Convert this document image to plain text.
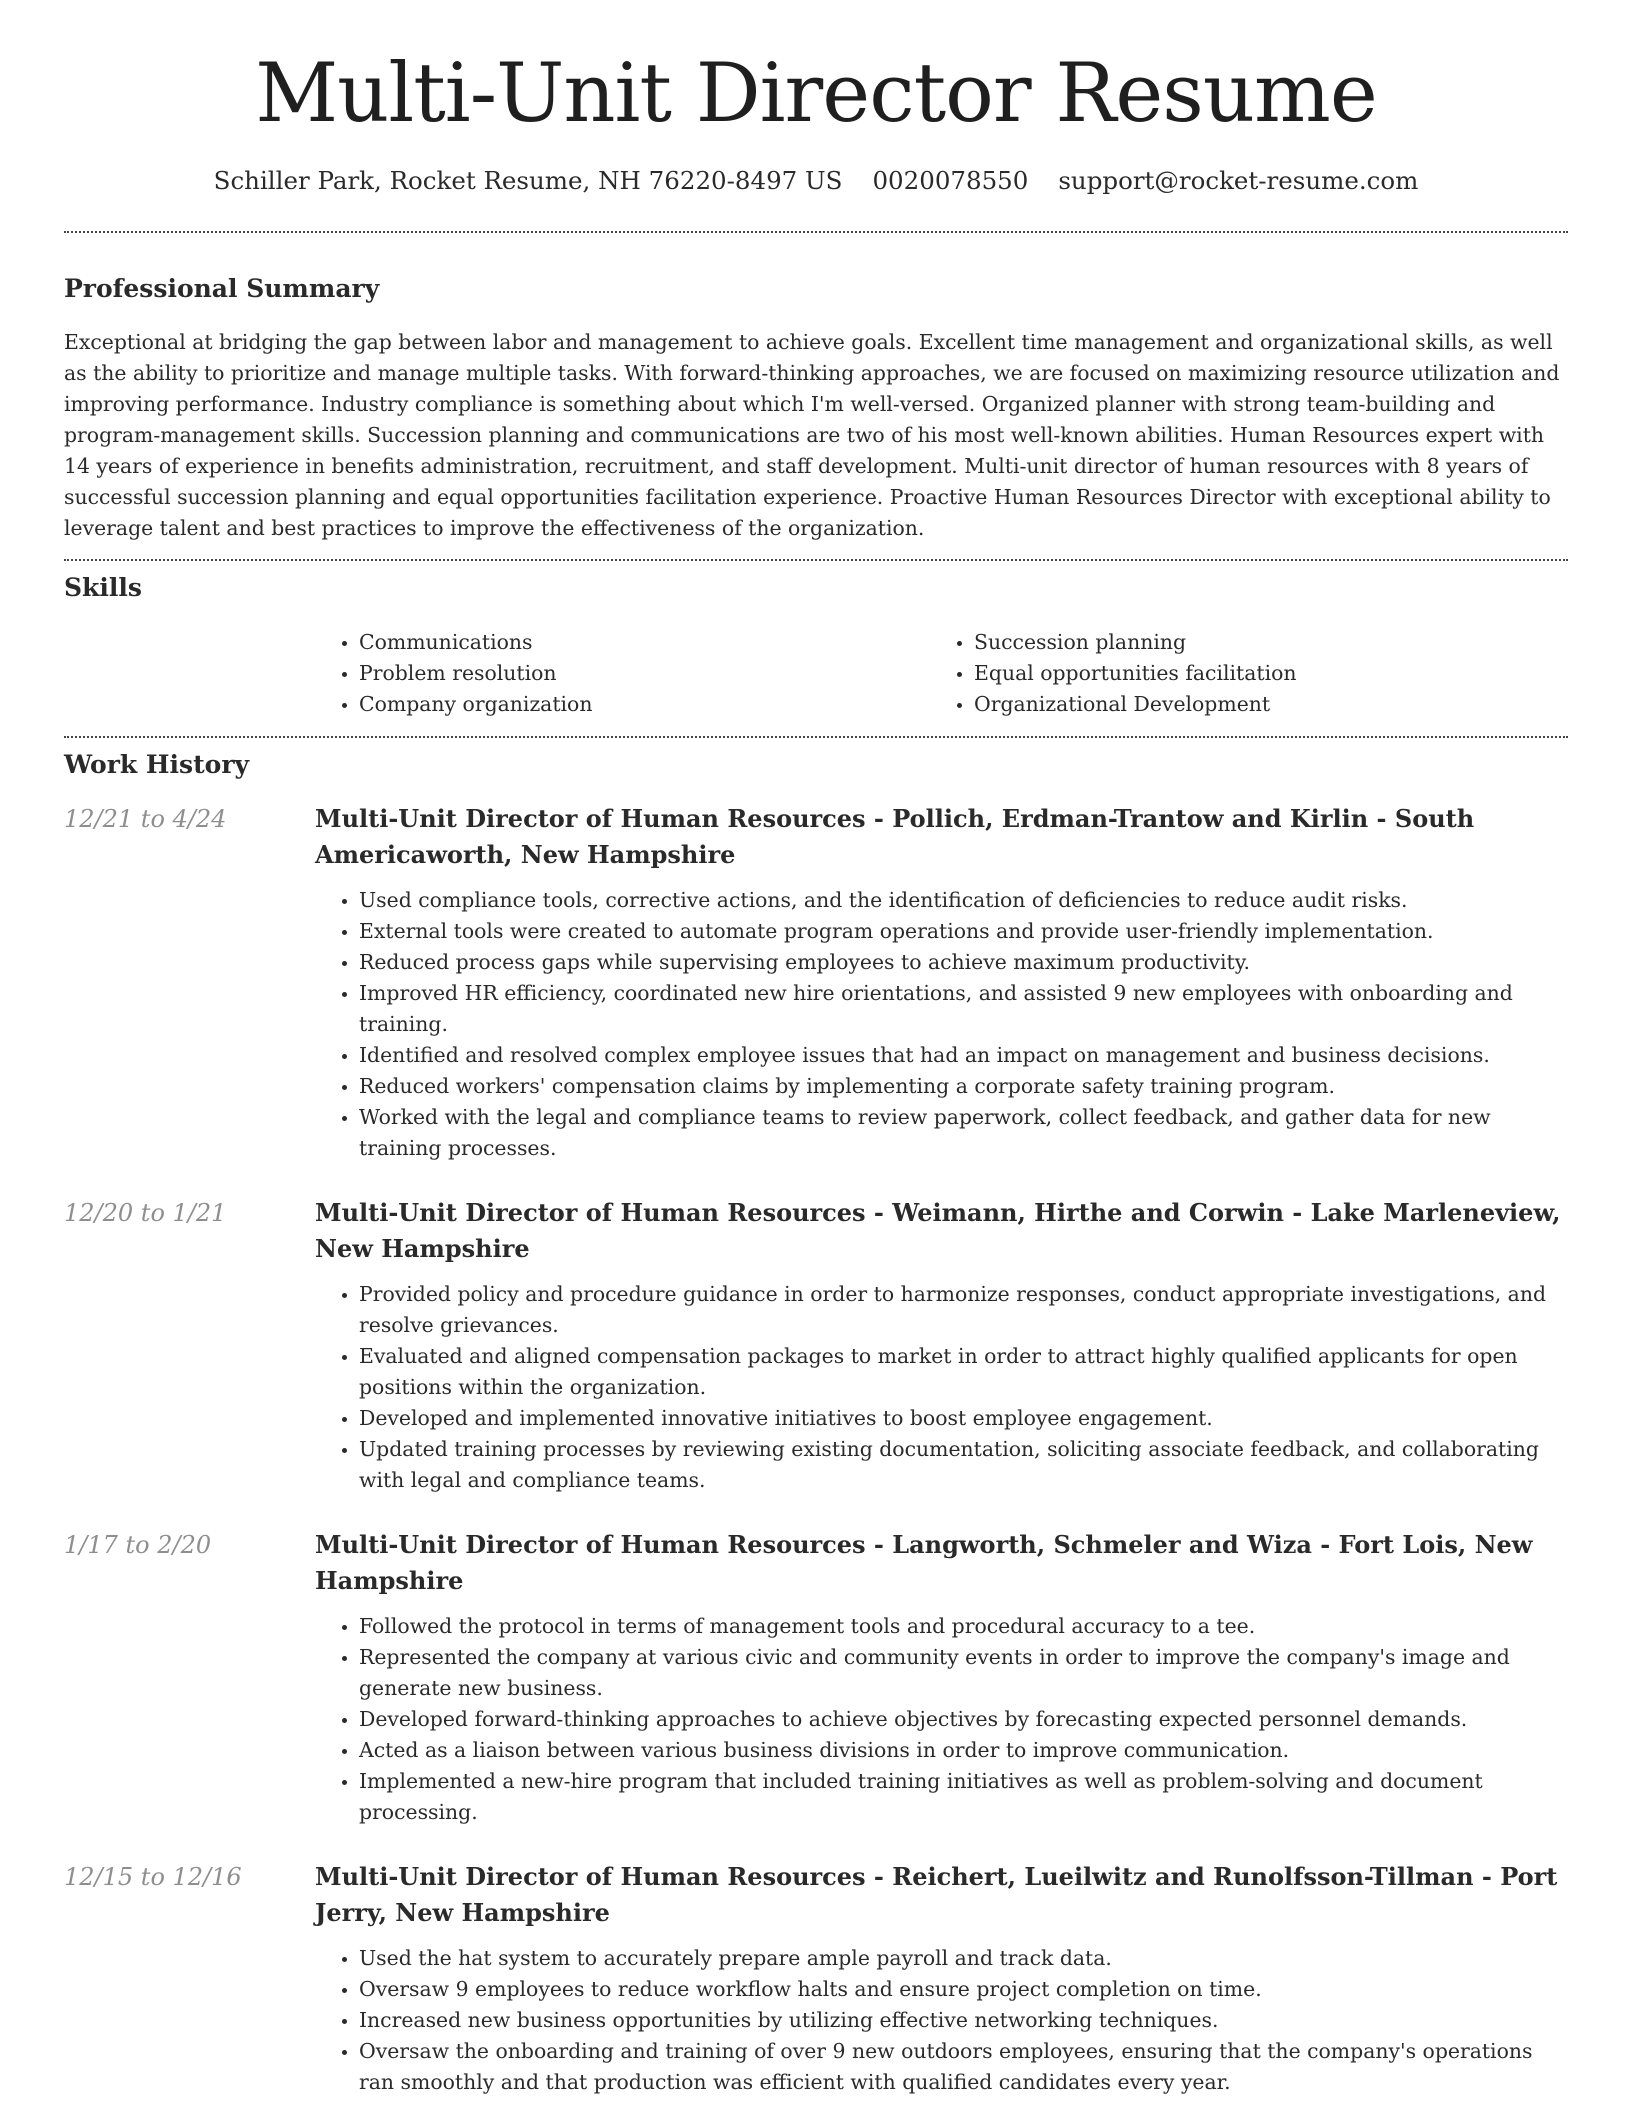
Multi-Unit Director Resume
Schiller Park, Rocket Resume, NH 76220-8497 US 0020078550 support@rocket-resume.com
Professional Summary

Exceptional at bridging the gap between labor and management to achieve goals. Excellent time management and organizational skills, as well as the ability to prioritize and manage multiple tasks. With forward-thinking approaches, we are focused on maximizing resource utilization and improving performance. Industry compliance is something about which I'm well-versed. Organized planner with strong team-building and program-management skills. Succession planning and communications are two of his most well-known abilities. Human Resources expert with 14 years of experience in benefits administration, recruitment, and staff development. Multi-unit director of human resources with 8 years of successful succession planning and equal opportunities facilitation experience. Proactive Human Resources Director with exceptional ability to leverage talent and best practices to improve the effectiveness of the organization.

Skills
• Communications
• Problem resolution
• Company organization
• Succession planning
• Equal opportunities facilitation
• Organizational Development
Work History
12/21 to 4/24	Multi-Unit Director of Human Resources - Pollich, Erdman-Trantow and Kirlin - South Americaworth, New Hampshire
• Used compliance tools, corrective actions, and the identification of deficiencies to reduce audit risks.
• External tools were created to automate program operations and provide user-friendly implementation.
• Reduced process gaps while supervising employees to achieve maximum productivity.
• Improved HR efficiency, coordinated new hire orientations, and assisted 9 new employees with onboarding and training.
• Identified and resolved complex employee issues that had an impact on management and business decisions.
• Reduced workers' compensation claims by implementing a corporate safety training program.
• Worked with the legal and compliance teams to review paperwork, collect feedback, and gather data for new training processes.
12/20 to 1/21	Multi-Unit Director of Human Resources - Weimann, Hirthe and Corwin - Lake Marleneview, New Hampshire
• Provided policy and procedure guidance in order to harmonize responses, conduct appropriate investigations, and resolve grievances.
• Evaluated and aligned compensation packages to market in order to attract highly qualified applicants for open positions within the organization.
• Developed and implemented innovative initiatives to boost employee engagement.
• Updated training processes by reviewing existing documentation, soliciting associate feedback, and collaborating with legal and compliance teams.
1/17 to 2/20	Multi-Unit Director of Human Resources - Langworth, Schmeler and Wiza - Fort Lois, New Hampshire
• Followed the protocol in terms of management tools and procedural accuracy to a tee.
• Represented the company at various civic and community events in order to improve the company's image and generate new business.
• Developed forward-thinking approaches to achieve objectives by forecasting expected personnel demands.
• Acted as a liaison between various business divisions in order to improve communication.
• Implemented a new-hire program that included training initiatives as well as problem-solving and document processing.
12/15 to 12/16	Multi-Unit Director of Human Resources - Reichert, Lueilwitz and Runolfsson-Tillman - Port Jerry, New Hampshire
• Used the hat system to accurately prepare ample payroll and track data.
• Oversaw 9 employees to reduce workflow halts and ensure project completion on time.
• Increased new business opportunities by utilizing effective networking techniques.
• Oversaw the onboarding and training of over 9 new outdoors employees, ensuring that the company's operations ran smoothly and that production was efficient with qualified candidates every year.
